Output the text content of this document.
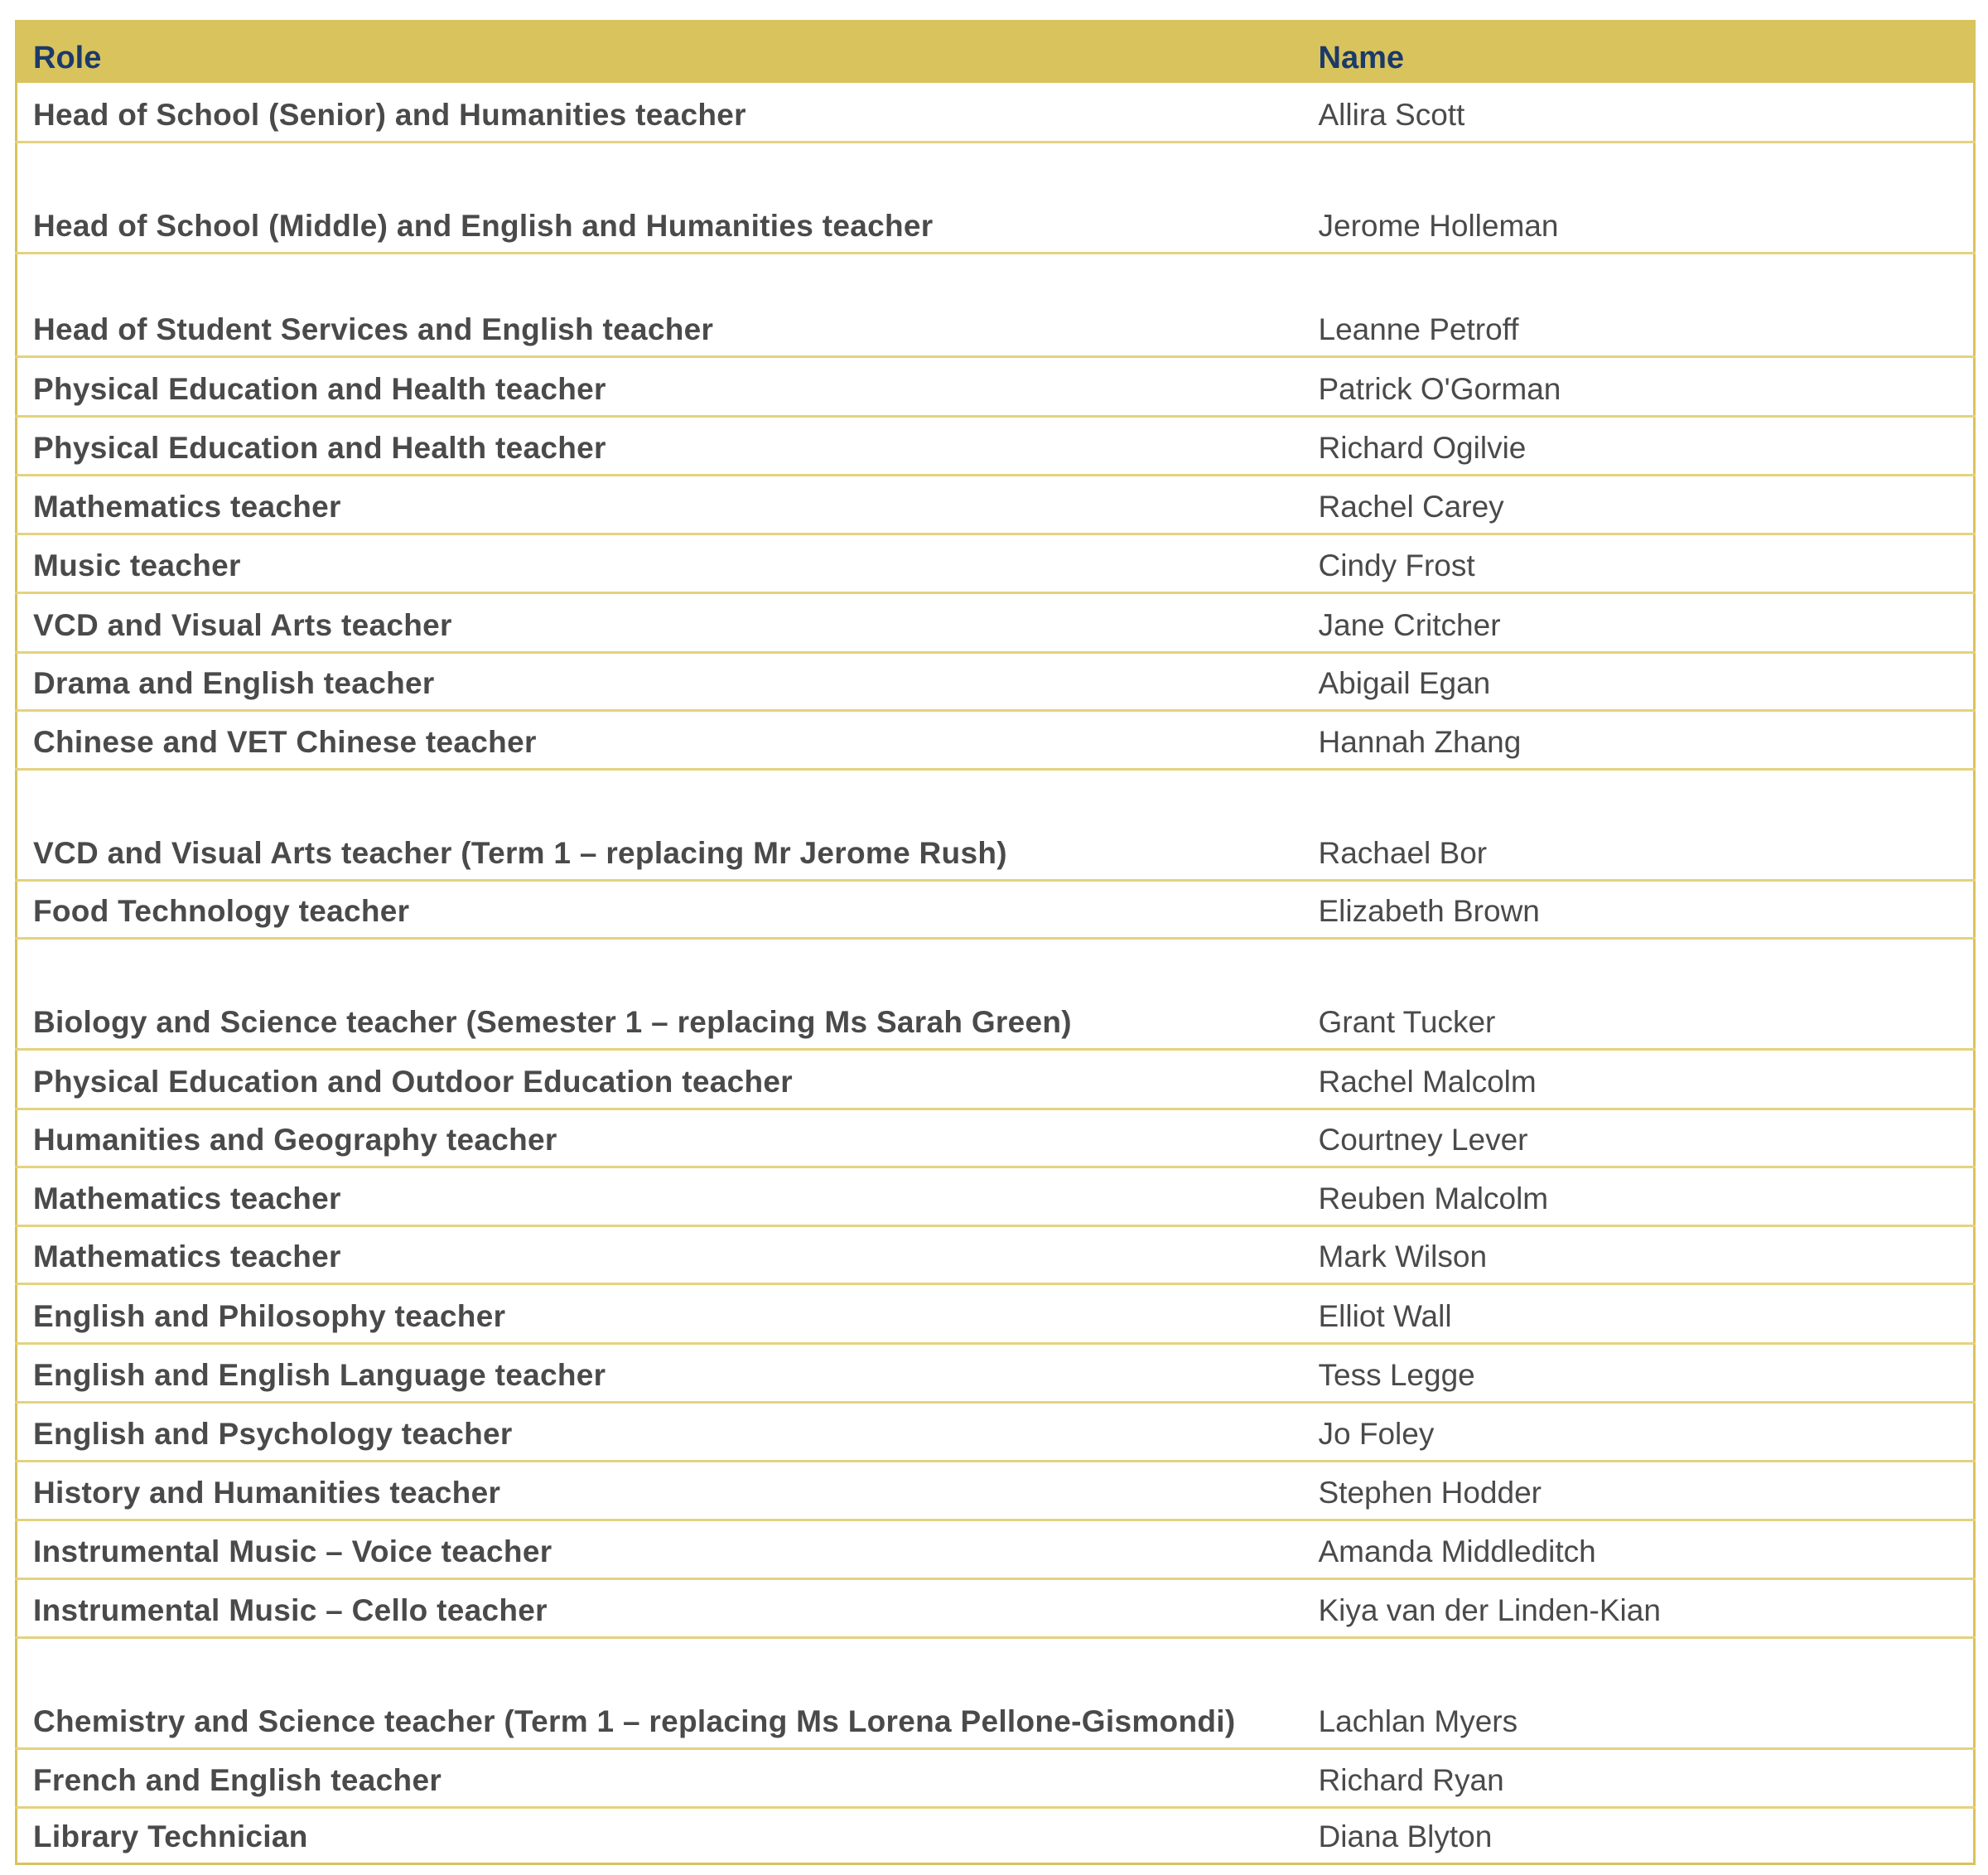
Role	Name
Head of School (Senior) and Humanities teacher	Allira Scott
Head of School (Middle) and English and Humanities teacher	Jerome Holleman
Head of Student Services and English teacher	Leanne Petroff
Physical Education and Health teacher	Patrick O'Gorman
Physical Education and Health teacher	Richard Ogilvie
Mathematics teacher	Rachel Carey
Music teacher	Cindy Frost
VCD and Visual Arts teacher	Jane Critcher
Drama and English teacher	Abigail Egan
Chinese and VET Chinese teacher	Hannah Zhang
VCD and Visual Arts teacher (Term 1 – replacing Mr Jerome Rush)	Rachael Bor
Food Technology teacher	Elizabeth Brown
Biology and Science teacher (Semester 1 – replacing Ms Sarah Green)	Grant Tucker
Physical Education and Outdoor Education teacher	Rachel Malcolm
Humanities and Geography teacher	Courtney Lever
Mathematics teacher	Reuben Malcolm
Mathematics teacher	Mark Wilson
English and Philosophy teacher	Elliot Wall
English and English Language teacher	Tess Legge
English and Psychology teacher	Jo Foley
History and Humanities teacher	Stephen Hodder
Instrumental Music – Voice teacher	Amanda Middleditch
Instrumental Music – Cello teacher	Kiya van der Linden-Kian
Chemistry and Science teacher (Term 1 – replacing Ms Lorena Pellone-Gismondi)	Lachlan Myers
French and English teacher	Richard Ryan
Library Technician	Diana Blyton
